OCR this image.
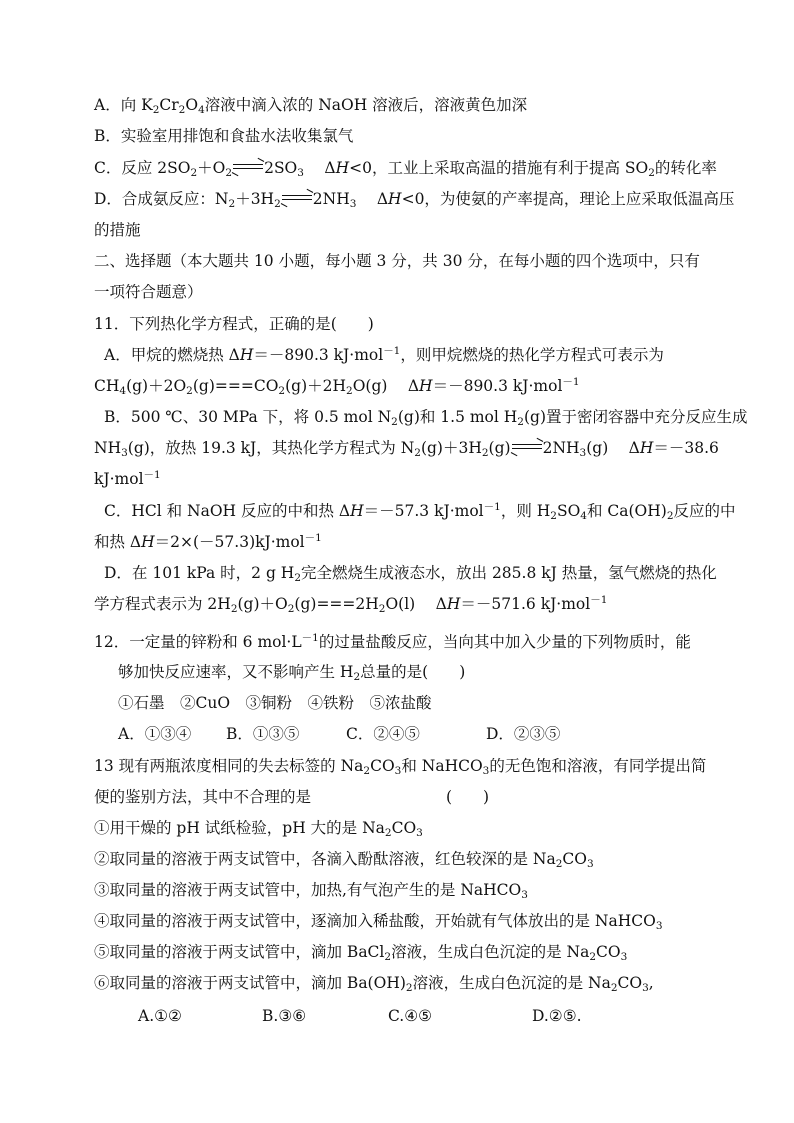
A．向 $K_2Cr_2O_4$溶液中滴入浓的 NaOH 溶液后，溶液黄色加深
B．实验室用排饱和食盐水法收集氯气
C．反应 $2SO_2+O_2$ $2SO_3$　 ΔH<0，工业上采取高温的措施有利于提高 $SO_2$的转化率
D．合成氨反应：$N_2+3H_2$ $2NH_3$　 ΔH<0，为使氨的产率提高，理论上应采取低温高压
的措施
二、选择题（本大题共 10 小题，每小题 3 分，共 30 分，在每小题的四个选项中，只有
一项符合题意）
11．下列热化学方程式，正确的是(　　)
A．甲烷的燃烧热 ΔH＝－890.3 kJ·mol$^{-1}$，则甲烷燃烧的热化学方程式可表示为
$CH_4(g)+2O_2(g)===CO_2(g)+2H_2O(g)$　 ΔH＝－890.3 kJ·mol$^{-1}$
B．500 ℃、30 MPa 下，将 0.5 mol $N_2(g)$和 1.5 mol $H_2(g)$置于密闭容器中充分反应生成
$NH_3(g)$，放热 19.3 kJ，其热化学方程式为 $N_2(g)+3H_2(g)$ $2NH_3(g)$　 ΔH＝－38.6
kJ·mol$^{-1}$
C．HCl 和 NaOH 反应的中和热 ΔH＝－57.3 kJ·mol$^{-1}$，则 $H_2SO_4$和 $Ca(OH)_2$反应的中
和热 ΔH＝2×(－57.3)kJ·mol$^{-1}$
D．在 101 kPa 时，2 g $H_2$完全燃烧生成液态水，放出 285.8 kJ 热量，氢气燃烧的热化
学方程式表示为 $2H_2(g)+O_2(g)===2H_2O(l)$　 ΔH＝－571.6 kJ·mol$^{-1}$
12．一定量的锌粉和 6 $mol\cdot L^{-1}$的过量盐酸反应，当向其中加入少量的下列物质时，能
够加快反应速率，又不影响产生 $H_2$总量的是(　　)
①石墨　②CuO　③铜粉　④铁粉　⑤浓盐酸
A．①③④ B．①③⑤	C．②④⑤	D．②③⑤
13 现有两瓶浓度相同的失去标签的 $Na_2CO_3$和 NaHCO$_3$的无色饱和溶液，有同学提出简
便的鉴别方法，其中不合理的是	(　　)
①用干燥的 pH 试纸检验，pH 大的是 $Na_2CO_3$
②取同量的溶液于两支试管中，各滴入酚酞溶液，红色较深的是 $Na_2CO_3$
③取同量的溶液于两支试管中，加热,有气泡产生的是 NaHCO$_3$
④取同量的溶液于两支试管中，逐滴加入稀盐酸，开始就有气体放出的是 NaHCO$_3$
⑤取同量的溶液于两支试管中，滴加 BaCl$_2$溶液，生成白色沉淀的是 $Na_2CO_3$
⑥取同量的溶液于两支试管中，滴加 $Ba(OH)_2$溶液，生成白色沉淀的是 $Na_2CO_3$,
A.①②	B.③⑥	C.④⑤	D.②⑤.
